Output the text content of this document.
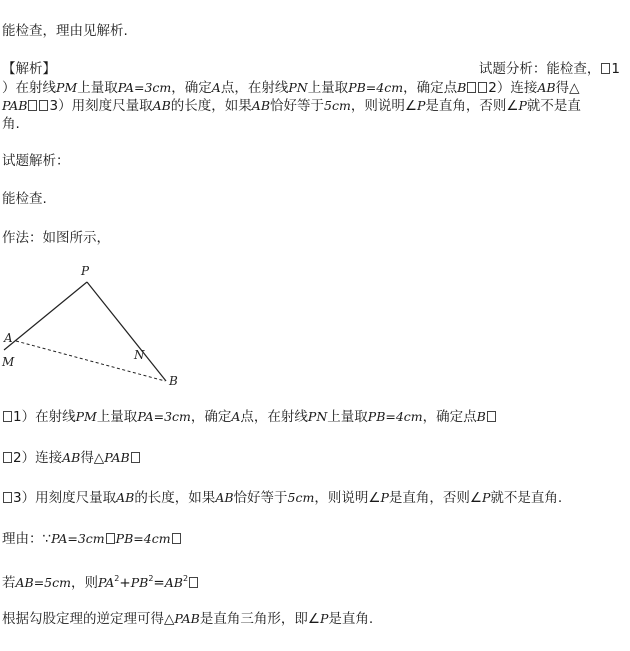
能检查，理由见解析.
【解析】	试题分析：能检查， 1
）在射线PM上量取PA=3cm，确定A点，在射线PN上量取PB=4cm，确定点B 2）连接AB得△
PAB 3）用刻度尺量取AB的长度，如果AB恰好等于5cm，则说明∠P是直角，否则∠P就不是直
角.
试题解析：
能检查.
作法：如图所示，
P
A
M	N
B
1）在射线PM上量取PA=3cm，确定A点，在射线PN上量取PB=4cm，确定点B
2）连接AB得△PAB
3）用刻度尺量取AB的长度，如果AB恰好等于5cm，则说明∠P是直角，否则∠P就不是直角.
理由：∵PA=3cm PB=4cm
若AB=5cm，则$PA^2+PB^2=AB^2$
根据勾股定理的逆定理可得△PAB是直角三角形，即∠P是直角.
